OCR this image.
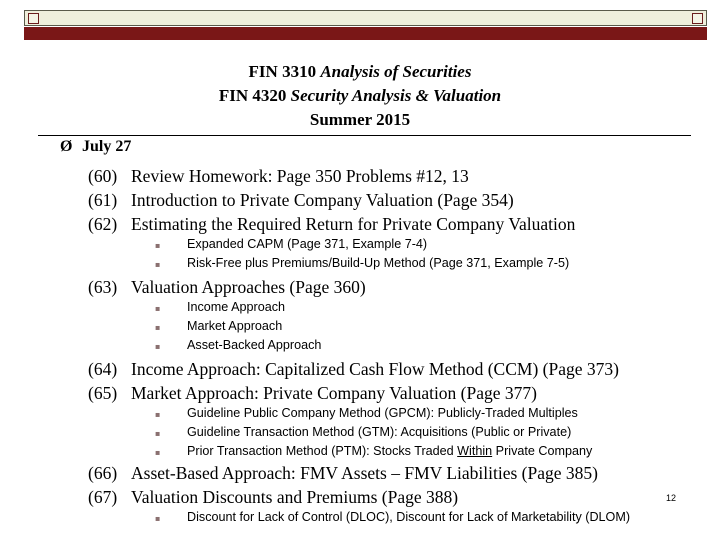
FIN 3310 Analysis of Securities
FIN 4320 Security Analysis & Valuation
Summer 2015
Ø July 27
(60) Review Homework: Page 350 Problems #12, 13
(61) Introduction to Private Company Valuation (Page 354)
(62) Estimating the Required Return for Private Company Valuation
▪ Expanded CAPM (Page 371, Example 7-4)
▪ Risk-Free plus Premiums/Build-Up Method (Page 371, Example 7-5)
(63) Valuation Approaches (Page 360)
▪ Income Approach
▪ Market Approach
▪ Asset-Backed Approach
(64) Income Approach: Capitalized Cash Flow Method (CCM) (Page 373)
(65) Market Approach: Private Company Valuation (Page 377)
▪ Guideline Public Company Method (GPCM): Publicly-Traded Multiples
▪ Guideline Transaction Method (GTM): Acquisitions (Public or Private)
▪ Prior Transaction Method (PTM): Stocks Traded Within Private Company
(66) Asset-Based Approach: FMV Assets – FMV Liabilities (Page 385)
(67) Valuation Discounts and Premiums (Page 388)
▪ Discount for Lack of Control (DLOC), Discount for Lack of Marketability (DLOM)
12
